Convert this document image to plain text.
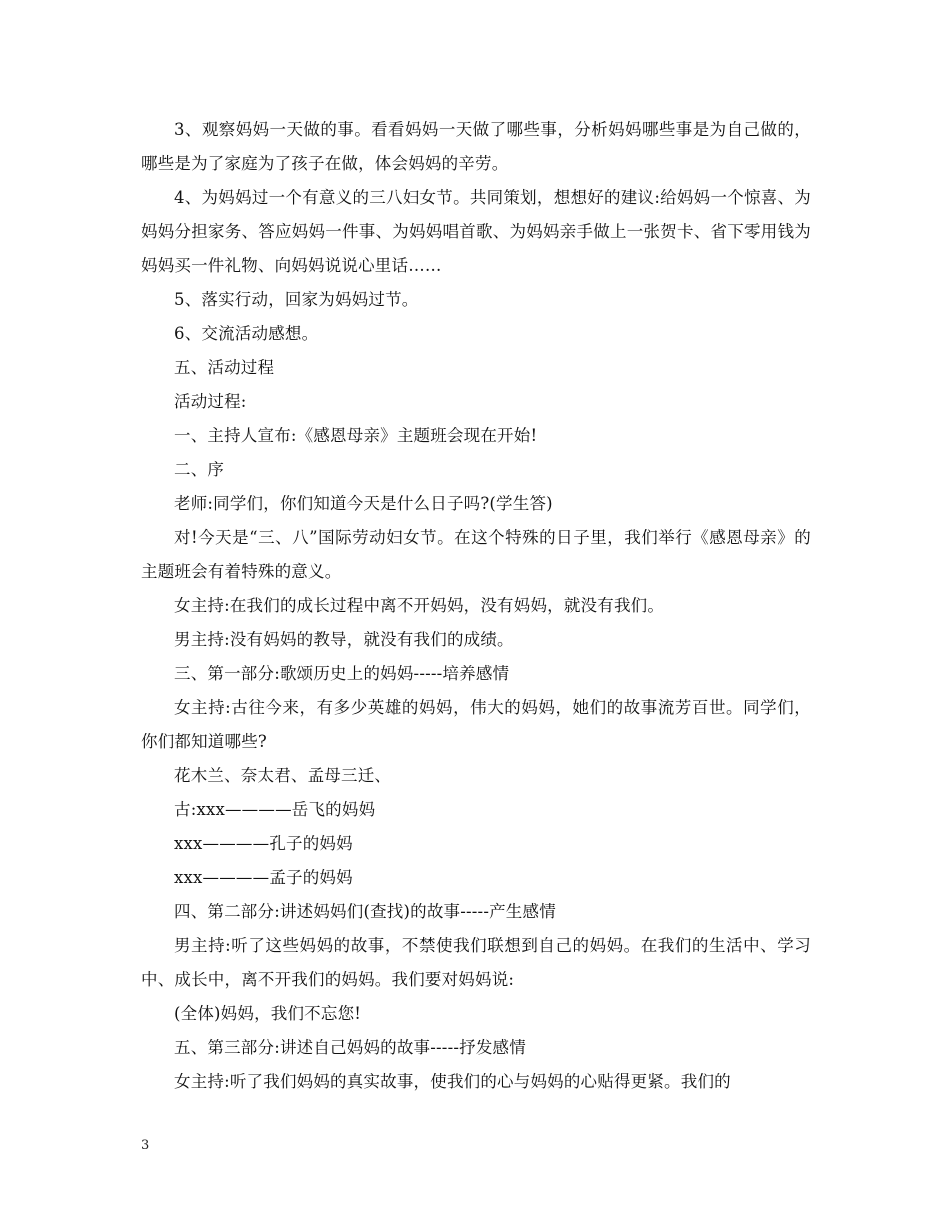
3、观察妈妈一天做的事。看看妈妈一天做了哪些事，分析妈妈哪些事是为自己做的，哪些是为了家庭为了孩子在做，体会妈妈的辛劳。

4、为妈妈过一个有意义的三八妇女节。共同策划，想想好的建议:给妈妈一个惊喜、为妈妈分担家务、答应妈妈一件事、为妈妈唱首歌、为妈妈亲手做上一张贺卡、省下零用钱为妈妈买一件礼物、向妈妈说说心里话……

5、落实行动，回家为妈妈过节。

6、交流活动感想。

五、活动过程

活动过程:

一、主持人宣布:《感恩母亲》主题班会现在开始!

二、序

老师:同学们，你们知道今天是什么日子吗?(学生答)

对!今天是“三、八”国际劳动妇女节。在这个特殊的日子里，我们举行《感恩母亲》的主题班会有着特殊的意义。

女主持:在我们的成长过程中离不开妈妈，没有妈妈，就没有我们。

男主持:没有妈妈的教导，就没有我们的成绩。

三、第一部分:歌颂历史上的妈妈-----培养感情

女主持:古往今来，有多少英雄的妈妈，伟大的妈妈，她们的故事流芳百世。同学们，你们都知道哪些?

花木兰、奈太君、孟母三迁、

古:xxx————岳飞的妈妈

xxx————孔子的妈妈

xxx————孟子的妈妈

四、第二部分:讲述妈妈们(查找)的故事-----产生感情

男主持:听了这些妈妈的故事，不禁使我们联想到自己的妈妈。在我们的生活中、学习中、成长中，离不开我们的妈妈。我们要对妈妈说:

(全体)妈妈，我们不忘您!

五、第三部分:讲述自己妈妈的故事-----抒发感情

女主持:听了我们妈妈的真实故事，使我们的心与妈妈的心贴得更紧。我们的

3
